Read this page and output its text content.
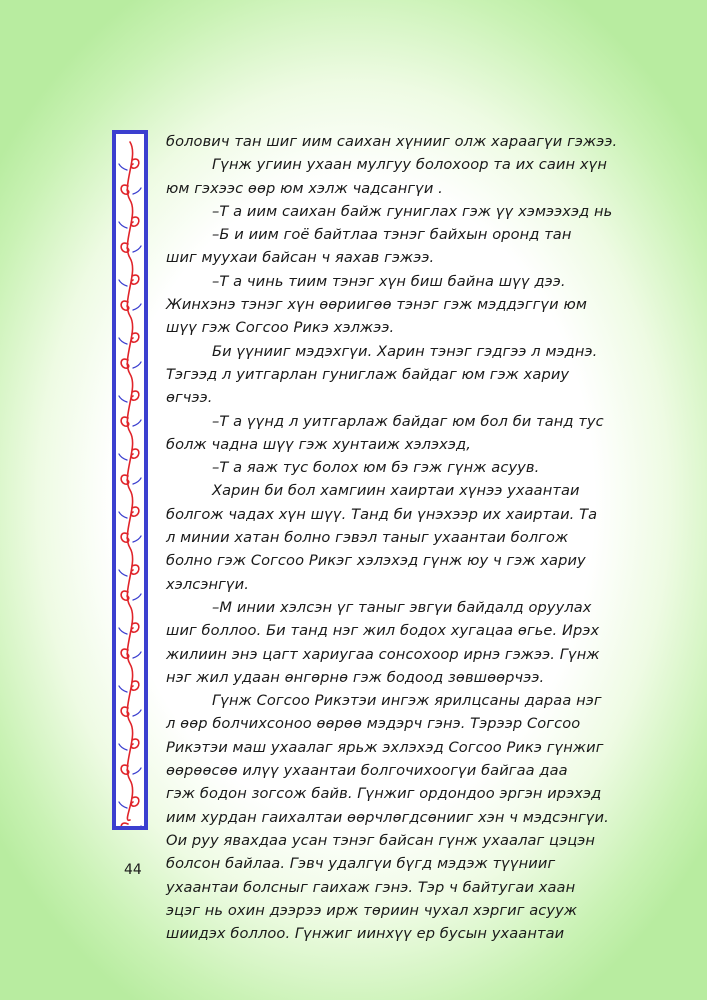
болович тан шиг иим саихан хүнииг олж хараагүи гэжээ.
Гүнж угиин ухаан мулгуу болохоор та их саин хүн
юм гэхээс өөр юм хэлж чадсангүи .
–Т а иим саихан байж гуниглах гэж үү хэмээхэд нь
–Б и иим гоё байтлаа тэнэг байхын оронд тан
шиг муухаи байсан ч яахав гэжээ.
–Т а чинь тиим тэнэг хүн биш байна шүү дээ.
Жинхэнэ тэнэг хүн өөриигөө тэнэг гэж мэддэггүи юм
шүү гэж Согсоо Рикэ хэлжээ.
Би үүнииг мэдэхгүи. Харин тэнэг гэдгээ л мэднэ.
Тэгээд л уитгарлан гуниглаж байдаг юм гэж хариу
өгчээ.
–Т а үүнд л уитгарлаж байдаг юм бол би танд тус
болж чадна шүү гэж хунтаиж хэлэхэд,
–Т а яаж тус болох юм бэ гэж гүнж асуув.
Харин би бол хамгиин хаиртаи хүнээ ухаантаи
болгож чадах хүн шүү. Танд би үнэхээр их хаиртаи. Та
л минии хатан болно гэвэл таныг ухаантаи болгож
болно гэж Согсоо Рикэг хэлэхэд гүнж юу ч гэж хариу
хэлсэнгүи.
–М инии хэлсэн үг таныг эвгүи байдалд оруулах
шиг боллоо. Би танд нэг жил бодох хугацаа өгье. Ирэх
жилиин энэ цагт хариугаа сонсохоор ирнэ гэжээ. Гүнж
нэг жил удаан өнгөрнө гэж бодоод зөвшөөрчээ.
Гүнж Согсоо Рикэтэи ингэж ярилцсаны дараа нэг
л өөр болчихсоноо өөрөө мэдэрч гэнэ. Тэрээр Согсоо
Рикэтэи маш ухаалаг ярьж эхлэхэд Согсоо Рикэ гүнжиг
өөрөөсөө илүү ухаантаи болгочихоогүи байгаа даа
гэж бодон зогсож байв. Гүнжиг ордондоо эргэн ирэхэд
иим хурдан гаихалтаи өөрчлөгдсөнииг хэн ч мэдсэнгүи.
Ои руу явахдаа усан тэнэг байсан гүнж ухаалаг цэцэн
болсон байлаа. Гэвч удалгүи бүгд мэдэж түүнииг
ухаантаи болсныг гаихаж гэнэ. Тэр ч байтугаи хаан
эцэг нь охин дээрээ ирж төриин чухал хэргиг асууж
шиидэх боллоо. Гүнжиг иинхүү ер бусын ухаантаи
44
